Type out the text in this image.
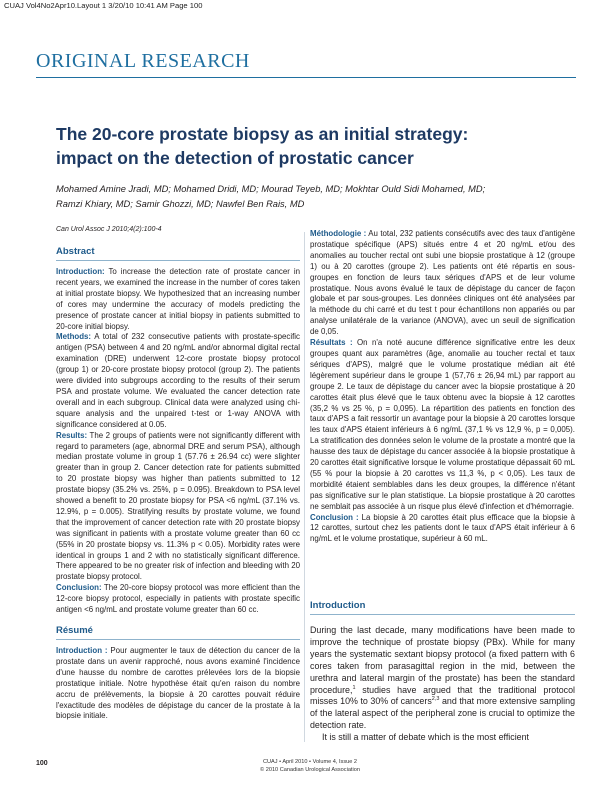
CUAJ Vol4No2Apr10.Layout 1 3/20/10 10:41 AM Page 100
ORIGINAL RESEARCH
The 20-core prostate biopsy as an initial strategy:
impact on the detection of prostatic cancer
Mohamed Amine Jradi, MD; Mohamed Dridi, MD; Mourad Teyeb, MD; Mokhtar Ould Sidi Mohamed, MD;
Ramzi Khiary, MD; Samir Ghozzi, MD; Nawfel Ben Rais, MD
Can Urol Assoc J 2010;4(2):100-4
Abstract

Introduction: To increase the detection rate of prostate cancer in recent years, we examined the increase in the number of cores taken at initial prostate biopsy. We hypothesized that an increasing number of cores may undermine the accuracy of models predicting the presence of prostate cancer at initial biopsy in patients submitted to 20-core initial biopsy.

Methods: A total of 232 consecutive patients with prostate-specific antigen (PSA) between 4 and 20 ng/mL and/or abnormal digital rectal examination (DRE) underwent 12-core prostate biopsy protocol (group 1) or 20-core prostate biopsy protocol (group 2). The patients were divided into subgroups according to the results of their serum PSA and prostate volume. We evaluated the cancer detection rate overall and in each subgroup. Clinical data were analyzed using chi-square analysis and the unpaired t-test or 1-way ANOVA with significance considered at 0.05.

Results: The 2 groups of patients were not significantly different with regard to parameters (age, abnormal DRE and serum PSA), although median prostate volume in group 1 (57.76 ± 26.94 cc) were slighter greater than in group 2. Cancer detection rate for patients submitted to 20 prostate biopsy was higher than patients submitted to 12 prostate biopsy (35.2% vs. 25%, p = 0.095). Breakdown to PSA level showed a benefit to 20 prostate biopsy for PSA <6 ng/mL (37.1% vs. 12.9%, p = 0.005). Stratifying results by prostate volume, we found that the improvement of cancer detection rate with 20 prostate biopsy was significant in patients with a prostate volume greater than 60 cc (55% in 20 prostate biopsy vs. 11.3% p < 0.05). Morbidity rates were identical in groups 1 and 2 with no statistically significant difference. There appeared to be no greater risk of infection and bleeding with 20 prostate biopsy protocol.

Conclusion: The 20-core biopsy protocol was more efficient than the 12-core biopsy protocol, especially in patients with prostate specific antigen <6 ng/mL and prostate volume greater than 60 cc.

Résumé

Introduction : Pour augmenter le taux de détection du cancer de la prostate dans un avenir rapproché, nous avons examiné l'incidence d'une hausse du nombre de carottes prélevées lors de la biopsie prostatique initiale. Notre hypothèse était qu'en raison du nombre accru de prélèvements, la biopsie à 20 carottes pouvait réduire l'exactitude des modèles de dépistage du cancer de la prostate à la biopsie initiale.

Méthodologie : Au total, 232 patients consécutifs avec des taux d'antigène prostatique spécifique (APS) situés entre 4 et 20 ng/mL et/ou des anomalies au toucher rectal ont subi une biopsie prostatique à 12 (groupe 1) ou à 20 carottes (groupe 2). Les patients ont été répartis en sous-groupes en fonction de leurs taux sériques d'APS et de leur volume prostatique. Nous avons évalué le taux de dépistage du cancer de façon globale et par sous-groupes. Les données cliniques ont été analysées par la méthode du chi carré et du test t pour échantillons non appariés ou par analyse unilatérale de la variance (ANOVA), avec un seuil de signification de 0,05.

Résultats : On n'a noté aucune différence significative entre les deux groupes quant aux paramètres (âge, anomalie au toucher rectal et taux sériques d'APS), malgré que le volume prostatique médian ait été légèrement supérieur dans le groupe 1 (57,76 ± 26,94 mL) par rapport au groupe 2. Le taux de dépistage du cancer avec la biopsie prostatique à 20 carottes était plus élevé que le taux obtenu avec la biopsie à 12 carottes (35,2 % vs 25 %, p = 0,095). La répartition des patients en fonction des taux d'APS a fait ressortir un avantage pour la biopsie à 20 carottes lorsque les taux d'APS étaient inférieurs à 6 ng/mL (37,1 % vs 12,9 %, p = 0,005). La stratification des données selon le volume de la prostate a montré que la hausse des taux de dépistage du cancer associée à la biopsie prostatique à 20 carottes était significative lorsque le volume prostatique dépassait 60 mL (55 % pour la biopsie à 20 carottes vs 11,3 %, p < 0,05). Les taux de morbidité étaient semblables dans les deux groupes, la différence n'étant pas significative sur le plan statistique. La biopsie prostatique à 20 carottes ne semblait pas associée à un risque plus élevé d'infection et d'hémorragie.

Conclusion : La biopsie à 20 carottes était plus efficace que la biopsie à 12 carottes, surtout chez les patients dont le taux d'APS était inférieur à 6 ng/mL et le volume prostatique, supérieur à 60 mL.

Introduction

During the last decade, many modifications have been made to improve the technique of prostate biopsy (PBx). While for many years the systematic sextant biopsy protocol (a fixed pattern with 6 cores taken from parasagittal region in the mid, between the urethra and lateral margin of the prostate) has been the standard procedure,$^1$ studies have argued that the traditional protocol misses 10% to 30% of cancers$^{2,3}$ and that more extensive sampling of the lateral aspect of the peripheral zone is crucial to optimize the detection rate.

It is still a matter of debate which is the most efficient

100	CUAJ • April 2010 • Volume 4, Issue 2
© 2010 Canadian Urological Association
